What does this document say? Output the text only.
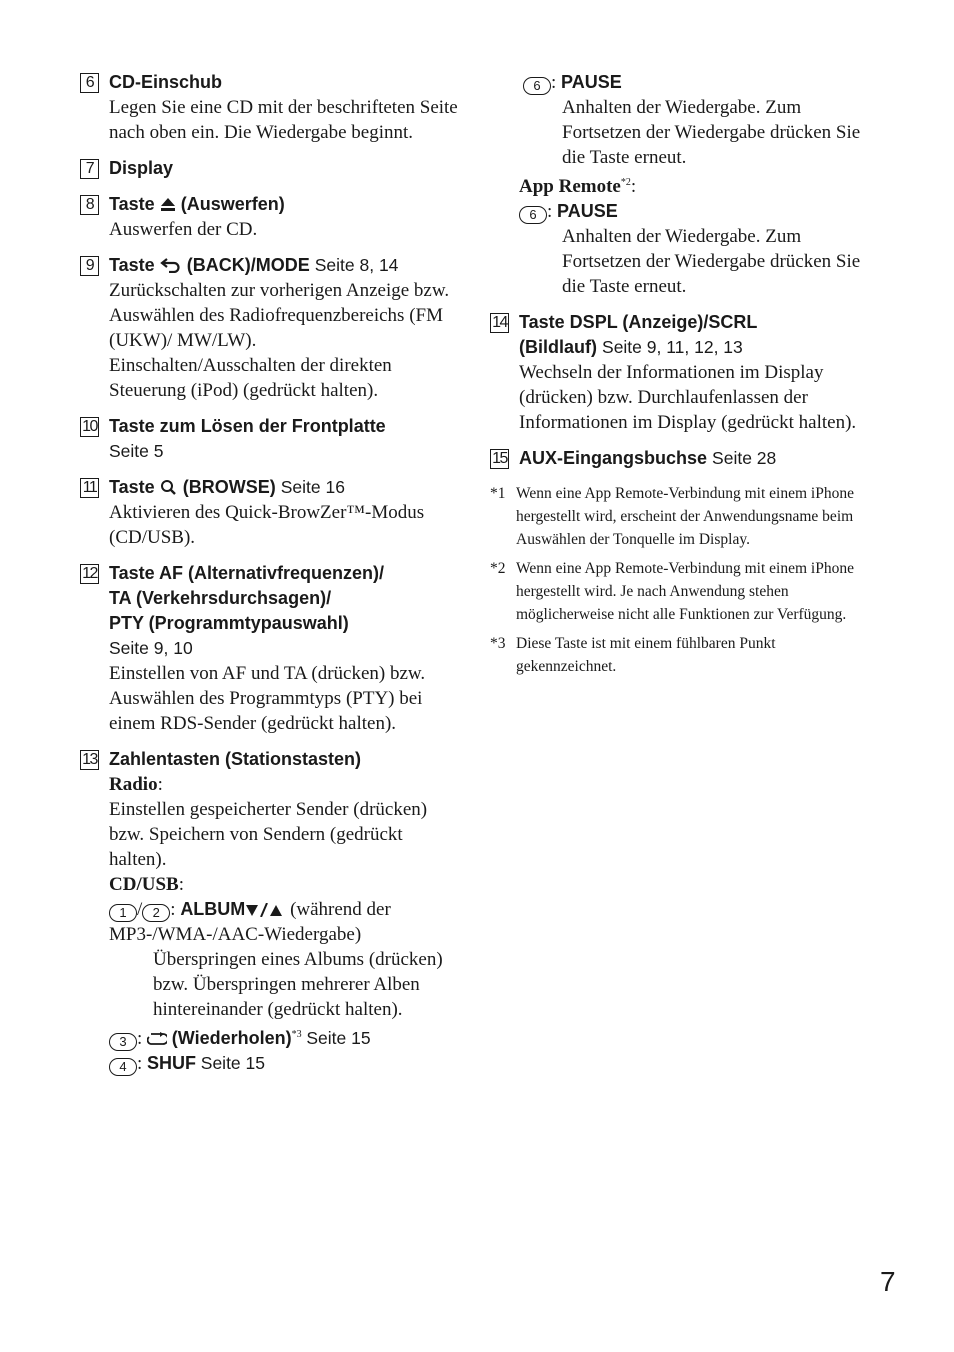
6 CD-Einschub
Legen Sie eine CD mit der beschrifteten Seite nach oben ein. Die Wiedergabe beginnt.
7 Display
8 Taste (Auswerfen)
Auswerfen der CD.
9 Taste (BACK)/MODE Seite 8, 14
Zurückschalten zur vorherigen Anzeige bzw. Auswählen des Radiofrequenzbereichs (FM (UKW)/ MW/LW).
Einschalten/Ausschalten der direkten Steuerung (iPod) (gedrückt halten).
10 Taste zum Lösen der Frontplatte
Seite 5
11 Taste (BROWSE) Seite 16
Aktivieren des Quick-BrowZer™-Modus (CD/USB).
12 Taste AF (Alternativfrequenzen)/
TA (Verkehrsdurchsagen)/
PTY (Programmtypauswahl)
Seite 9, 10
Einstellen von AF und TA (drücken) bzw. Auswählen des Programmtyps (PTY) bei einem RDS-Sender (gedrückt halten).
13 Zahlentasten (Stationstasten)
Radio:
Einstellen gespeicherter Sender (drücken) bzw. Speichern von Sendern (gedrückt halten).
CD/USB:
1 / 2 : ALBUM (während der
MP3-/WMA-/AAC-Wiedergabe)
Überspringen eines Albums (drücken) bzw. Überspringen mehrerer Alben hintereinander (gedrückt halten).
3 : (Wiederholen)$^{*3}$ Seite 15
4 : SHUF Seite 15
6 : PAUSE
Anhalten der Wiedergabe. Zum Fortsetzen der Wiedergabe drücken Sie die Taste erneut.
App Remote$^{*2}$:
6 : PAUSE
Anhalten der Wiedergabe. Zum Fortsetzen der Wiedergabe drücken Sie die Taste erneut.
14 Taste DSPL (Anzeige)/SCRL
(Bildlauf) Seite 9, 11, 12, 13
Wechseln der Informationen im Display (drücken) bzw. Durchlaufenlassen der Informationen im Display (gedrückt halten).
15 AUX-Eingangsbuchse Seite 28
*1 Wenn eine App Remote-Verbindung mit einem iPhone hergestellt wird, erscheint der Anwendungsname beim Auswählen der Tonquelle im Display.
*2 Wenn eine App Remote-Verbindung mit einem iPhone hergestellt wird. Je nach Anwendung stehen möglicherweise nicht alle Funktionen zur Verfügung.
*3 Diese Taste ist mit einem fühlbaren Punkt gekennzeichnet.
7
